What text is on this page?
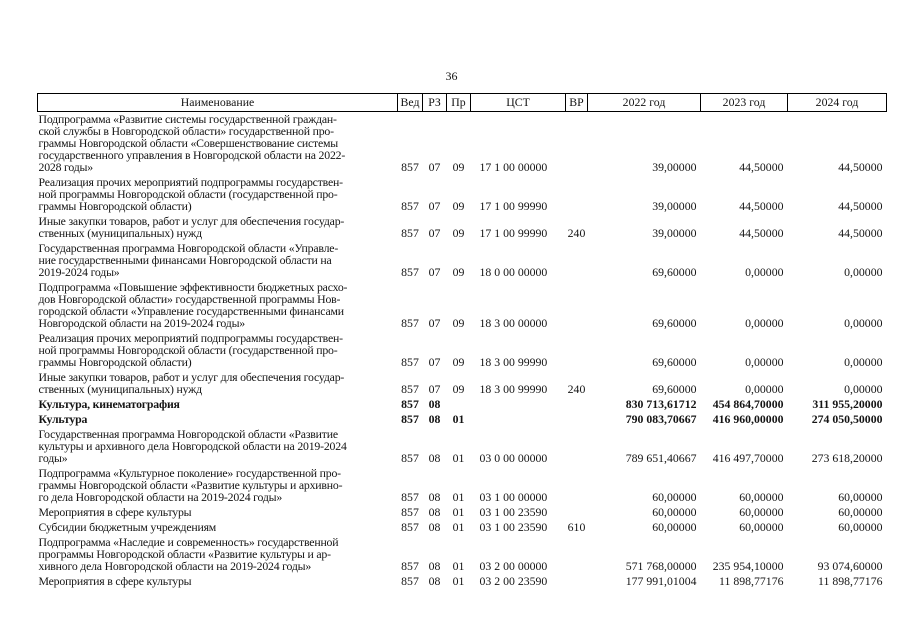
36
Наименование	Вед	РЗ	Пр	ЦСТ	ВР	2022 год	2023 год	2024 год

Подпрограмма «Развитие системы государственной граждан-
ской службы в Новгородской области» государственной про-
граммы Новгородской области «Совершенствование системы
государственного управления в Новгородской области на 2022-
2028 годы»	857	07	09	17 1 00 00000		39,00000	44,50000	44,50000

Реализация прочих мероприятий подпрограммы государствен-
ной программы Новгородской области (государственной про-
граммы Новгородской области)	857	07	09	17 1 00 99990		39,00000	44,50000	44,50000

Иные закупки товаров, работ и услуг для обеспечения государ-
ственных (муниципальных) нужд	857	07	09	17 1 00 99990	240	39,00000	44,50000	44,50000

Государственная программа Новгородской области «Управле-
ние государственными финансами Новгородской области на
2019-2024 годы»	857	07	09	18 0 00 00000		69,60000	0,00000	0,00000

Подпрограмма «Повышение эффективности бюджетных расхо-
дов Новгородской области» государственной программы Нов-
городской области «Управление государственными финансами
Новгородской области на 2019-2024 годы»	857	07	09	18 3 00 00000		69,60000	0,00000	0,00000

Реализация прочих мероприятий подпрограммы государствен-
ной программы Новгородской области (государственной про-
граммы Новгородской области)	857	07	09	18 3 00 99990		69,60000	0,00000	0,00000

Иные закупки товаров, работ и услуг для обеспечения государ-
ственных (муниципальных) нужд	857	07	09	18 3 00 99990	240	69,60000	0,00000	0,00000

Культура, кинематография	857	08				830 713,61712	454 864,70000	311 955,20000

Культура	857	08	01			790 083,70667	416 960,00000	274 050,50000

Государственная программа Новгородской области «Развитие
культуры и архивного дела Новгородской области на 2019-2024
годы»	857	08	01	03 0 00 00000		789 651,40667	416 497,70000	273 618,20000

Подпрограмма «Культурное поколение» государственной про-
граммы Новгородской области «Развитие культуры и архивно-
го дела Новгородской области на 2019-2024 годы»	857	08	01	03 1 00 00000		60,00000	60,00000	60,00000

Мероприятия в сфере культуры	857	08	01	03 1 00 23590		60,00000	60,00000	60,00000

Субсидии бюджетным учреждениям	857	08	01	03 1 00 23590	610	60,00000	60,00000	60,00000

Подпрограмма «Наследие и современность» государственной
программы Новгородской области «Развитие культуры и ар-
хивного дела Новгородской области на 2019-2024 годы»	857	08	01	03 2 00 00000		571 768,00000	235 954,10000	93 074,60000

Мероприятия в сфере культуры	857	08	01	03 2 00 23590		177 991,01004	11 898,77176	11 898,77176
